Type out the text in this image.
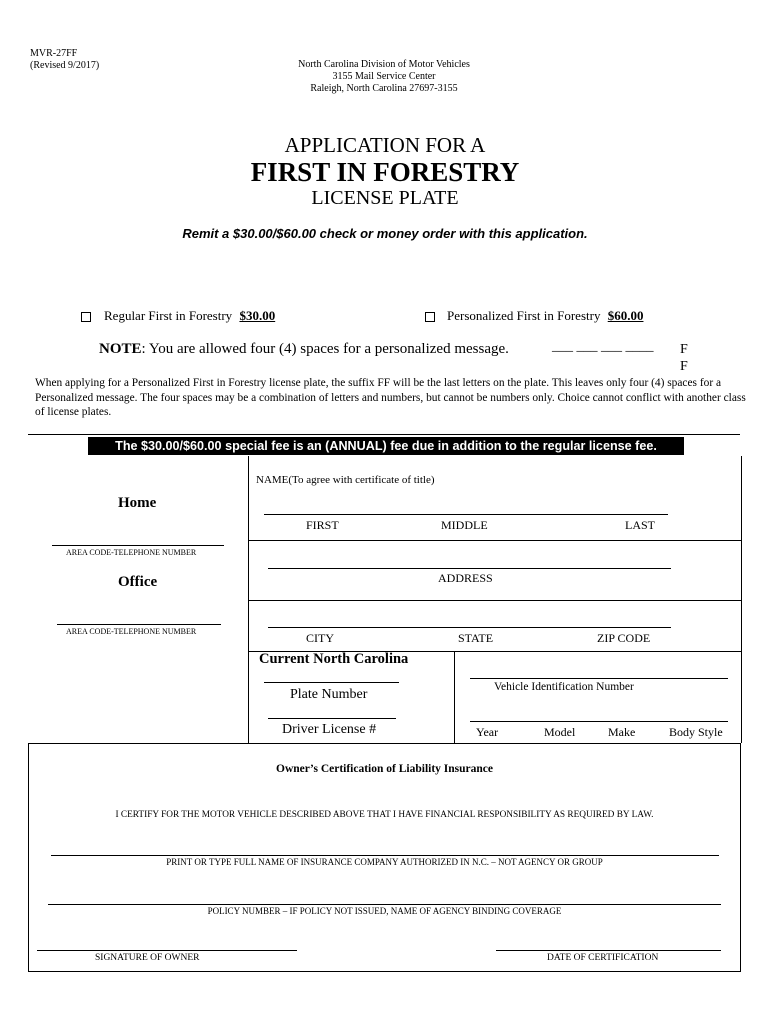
MVR-27FF
(Revised 9/2017)	North Carolina Division of Motor Vehicles
3155 Mail Service Center
Raleigh, North Carolina 27697-3155
APPLICATION FOR A
FIRST IN FORESTRY
LICENSE PLATE
Remit a $30.00/$60.00 check or money order with this application.
Regular First in Forestry $30.00	Personalized First in Forestry $60.00
NOTE: You are allowed four (4) spaces for a personalized message.	___ ___ ___ ____ F
F
When applying for a Personalized First in Forestry license plate, the suffix FF will be the last letters on the plate. This leaves only four (4) spaces for a Personalized message. The four spaces may be a combination of letters and numbers, but cannot be numbers only. Choice cannot conflict with another class of license plates.
The $30.00/$60.00 special fee is an (ANNUAL) fee due in addition to the regular license fee.
Home
AREA CODE-TELEPHONE NUMBER
Office
AREA CODE-TELEPHONE NUMBER
NAME(To agree with certificate of title)
FIRST	MIDDLE	LAST
ADDRESS
CITY	STATE	ZIP CODE
Current North Carolina
Plate Number
Driver License #
Vehicle Identification Number
Year	Model	Make	Body Style
Owner’s Certification of Liability Insurance
I CERTIFY FOR THE MOTOR VEHICLE DESCRIBED ABOVE THAT I HAVE FINANCIAL RESPONSIBILITY AS REQUIRED BY LAW.
PRINT OR TYPE FULL NAME OF INSURANCE COMPANY AUTHORIZED IN N.C. – NOT AGENCY OR GROUP
POLICY NUMBER – IF POLICY NOT ISSUED, NAME OF AGENCY BINDING COVERAGE
SIGNATURE OF OWNER	DATE OF CERTIFICATION
